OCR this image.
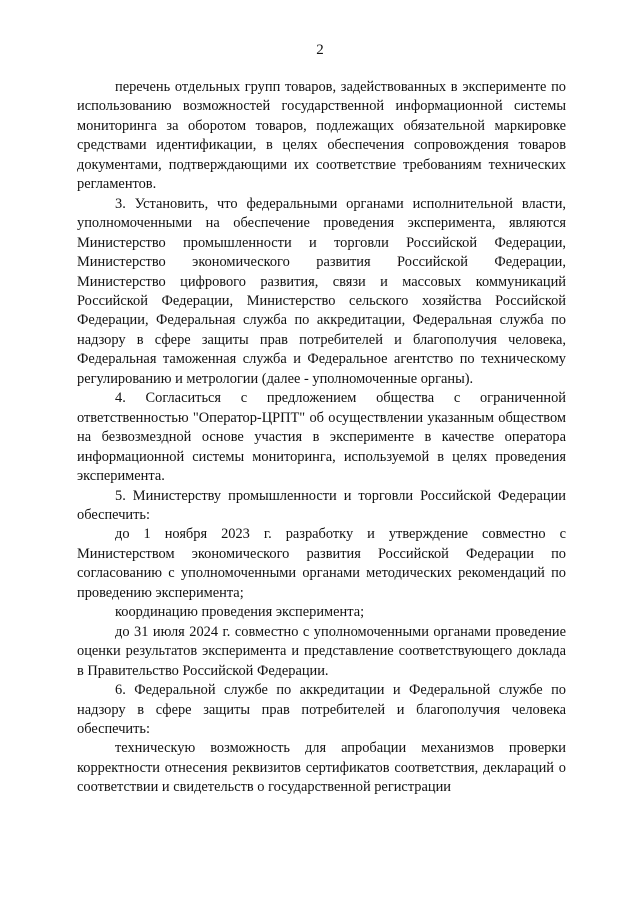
2

перечень отдельных групп товаров, задействованных в эксперименте по использованию возможностей государственной информационной системы мониторинга за оборотом товаров, подлежащих обязательной маркировке средствами идентификации, в целях обеспечения сопровождения товаров документами, подтверждающими их соответствие требованиям технических регламентов.

3. Установить, что федеральными органами исполнительной власти, уполномоченными на обеспечение проведения эксперимента, являются Министерство промышленности и торговли Российской Федерации, Министерство экономического развития Российской Федерации, Министерство цифрового развития, связи и массовых коммуникаций Российской Федерации, Министерство сельского хозяйства Российской Федерации, Федеральная служба по аккредитации, Федеральная служба по надзору в сфере защиты прав потребителей и благополучия человека, Федеральная таможенная служба и Федеральное агентство по техническому регулированию и метрологии (далее - уполномоченные органы).

4. Согласиться с предложением общества с ограниченной ответственностью "Оператор-ЦРПТ" об осуществлении указанным обществом на безвозмездной основе участия в эксперименте в качестве оператора информационной системы мониторинга, используемой в целях проведения эксперимента.

5. Министерству промышленности и торговли Российской Федерации обеспечить:

до 1 ноября 2023 г. разработку и утверждение совместно с Министерством экономического развития Российской Федерации по согласованию с уполномоченными органами методических рекомендаций по проведению эксперимента;

координацию проведения эксперимента;

до 31 июля 2024 г. совместно с уполномоченными органами проведение оценки результатов эксперимента и представление соответствующего доклада в Правительство Российской Федерации.

6. Федеральной службе по аккредитации и Федеральной службе по надзору в сфере защиты прав потребителей и благополучия человека обеспечить:

техническую возможность для апробации механизмов проверки корректности отнесения реквизитов сертификатов соответствия, деклараций о соответствии и свидетельств о государственной регистрации
